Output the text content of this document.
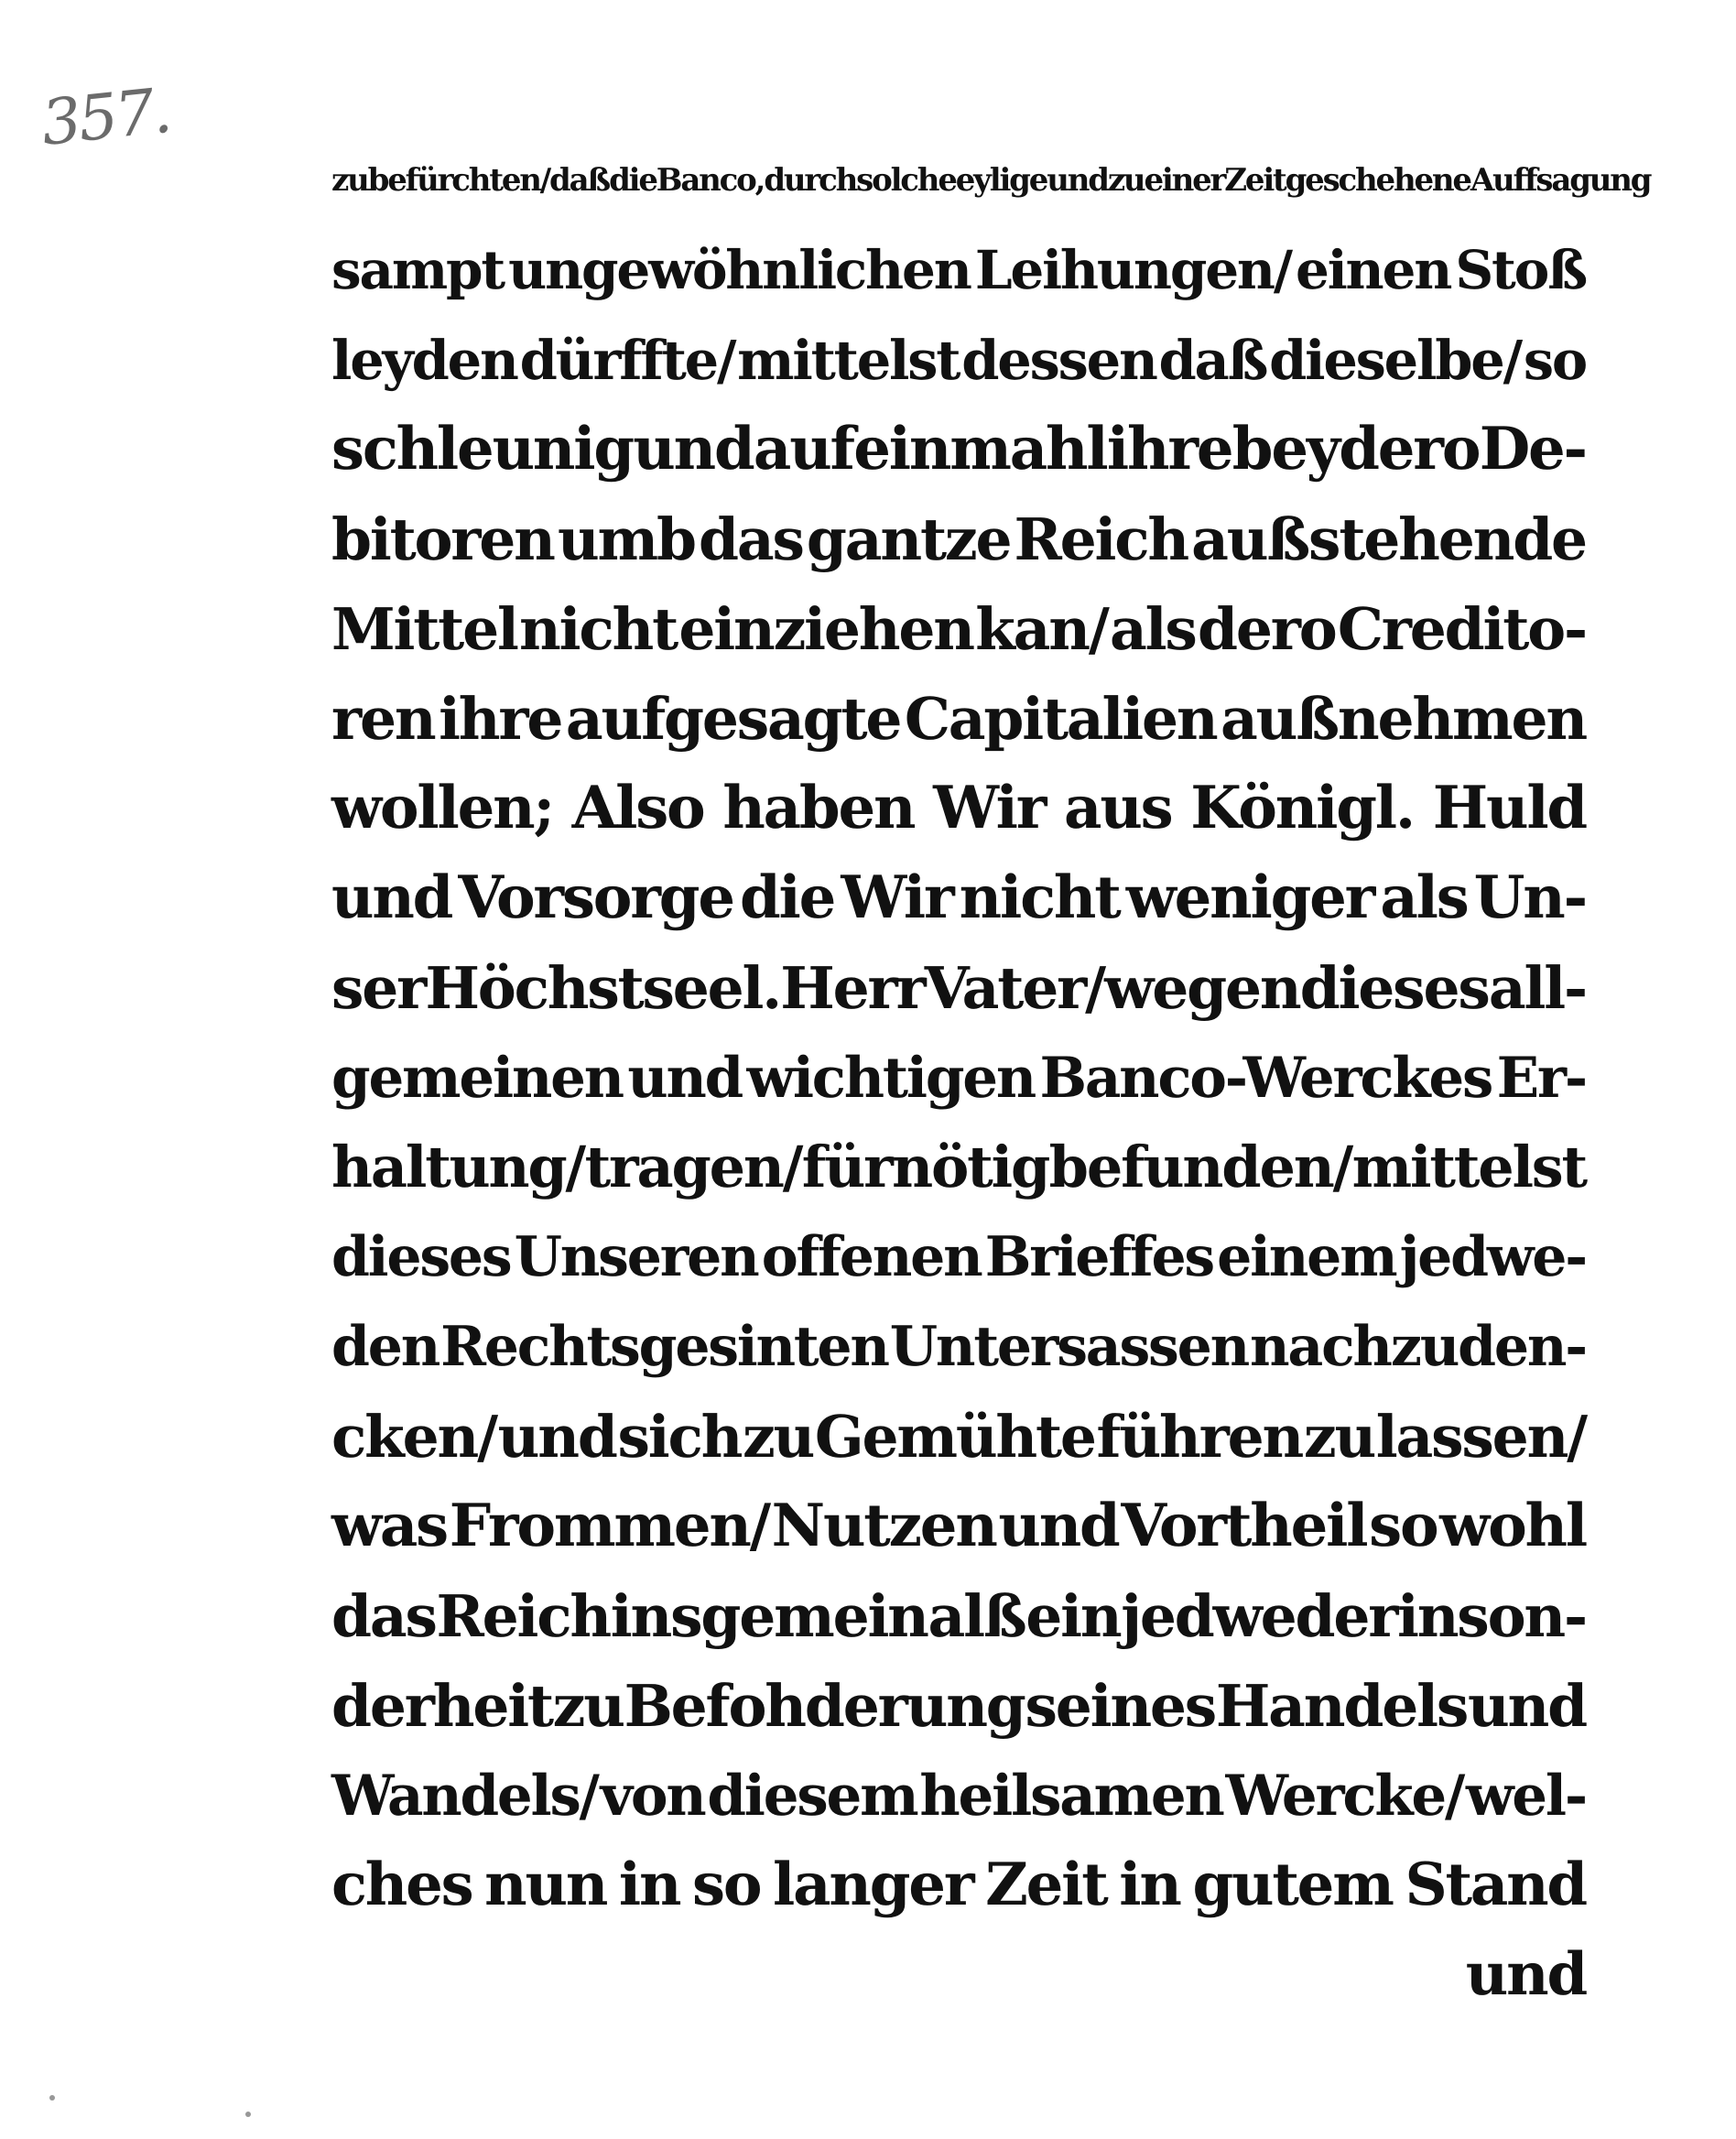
357.
zu befürchten/ daß die Banco, durch solche eylige und zu einer Zeit geschehene Auffsagung
sampt ungewöhnlichen Leihungen/ einen Stoß
leyden dürffte/ mittelst dessen daß dieselbe/ so
schleunig und auf einmahl ihre bey dero De-
bitoren umb das gantze Reich außstehende
Mittel nicht einziehen kan/ als dero Credito-
ren ihre aufgesagte Capitalien außnehmen
wollen; Also haben Wir aus Königl. Huld
und Vorsorge die Wir nicht weniger als Un-
ser Höchstseel. Herr Vater/ wegen dieses all-
gemeinen und wichtigen Banco-Werckes Er-
haltung/ tragen/ für nötig befunden/ mittelst
dieses Unseren offenen Brieffes einem jedwe-
den Rechtsgesinten Untersassen nachzuden-
cken/ und sich zu Gemühte führen zu lassen/
was Frommen/ Nutzen und Vortheil so wohl
das Reich insgemein alß ein jedweder inson-
derheit zu Befohderung seines Handels und
Wandels/ von diesem heilsamen Wercke/ wel-
ches nun in so langer Zeit in gutem Stand
und
